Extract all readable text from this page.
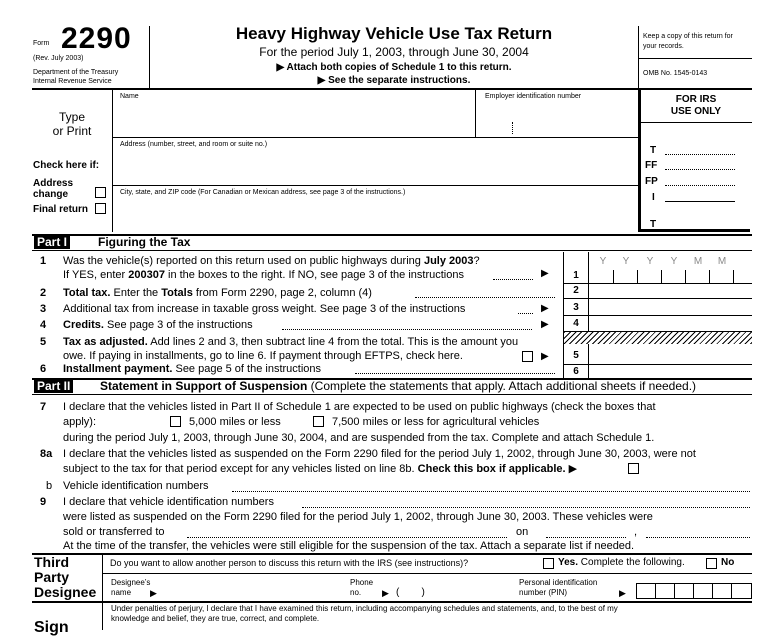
Form 2290
(Rev. July 2003)
Department of the Treasury
Internal Revenue Service
Heavy Highway Vehicle Use Tax Return
For the period July 1, 2003, through June 30, 2004
▶ Attach both copies of Schedule 1 to this return.
▶ See the separate instructions.
Keep a copy of this return for your records.
OMB No. 1545-0143
Type
or Print
Name	Employer identification number
Address (number, street, and room or suite no.)
City, state, and ZIP code (For Canadian or Mexican address, see page 3 of the instructions.)
Check here if:
Address
change
Final return
FOR IRS
USE ONLY
T
FF
FP
I
T
Part I	Figuring the Tax
Y	Y	Y	Y	M	M
1 Was the vehicle(s) reported on this return used on public highways during July 2003?
If YES, enter 200307 in the boxes to the right. If NO, see page 3 of the instructions	▶	1
2 Total tax. Enter the Totals from Form 2290, page 2, column (4)	2
3 Additional tax from increase in taxable gross weight. See page 3 of the instructions	▶	3
4 Credits. See page 3 of the instructions	▶	4
5 Tax as adjusted. Add lines 2 and 3, then subtract line 4 from the total. This is the amount you
owe. If paying in installments, go to line 6. If payment through EFTPS, check here.	▶	5
6 Installment payment. See page 5 of the instructions	6
Part II Statement in Support of Suspension (Complete the statements that apply. Attach additional sheets if needed.)
7 I declare that the vehicles listed in Part II of Schedule 1 are expected to be used on public highways (check the boxes that
apply):	5,000 miles or less	7,500 miles or less for agricultural vehicles
during the period July 1, 2003, through June 30, 2004, and are suspended from the tax. Complete and attach Schedule 1.
8a I declare that the vehicles listed as suspended on the Form 2290 filed for the period July 1, 2002, through June 30, 2003, were not
subject to the tax for that period except for any vehicles listed on line 8b. Check this box if applicable. ▶
b Vehicle identification numbers
9 I declare that vehicle identification numbers
were listed as suspended on the Form 2290 filed for the period July 1, 2002, through June 30, 2003. These vehicles were
sold or transferred to	on	,
At the time of the transfer, the vehicles were still eligible for the suspension of the tax. Attach a separate list if needed.
Third
Party
Designee
Do you want to allow another person to discuss this return with the IRS (see instructions)?	Yes. Complete the following.	No
Designee’s
name	▶
Phone
no.	▶ (        )
Personal identification
number (PIN)	▶
Sign
Under penalties of perjury, I declare that I have examined this return, including accompanying schedules and statements, and, to the best of my
knowledge and belief, they are true, correct, and complete.
